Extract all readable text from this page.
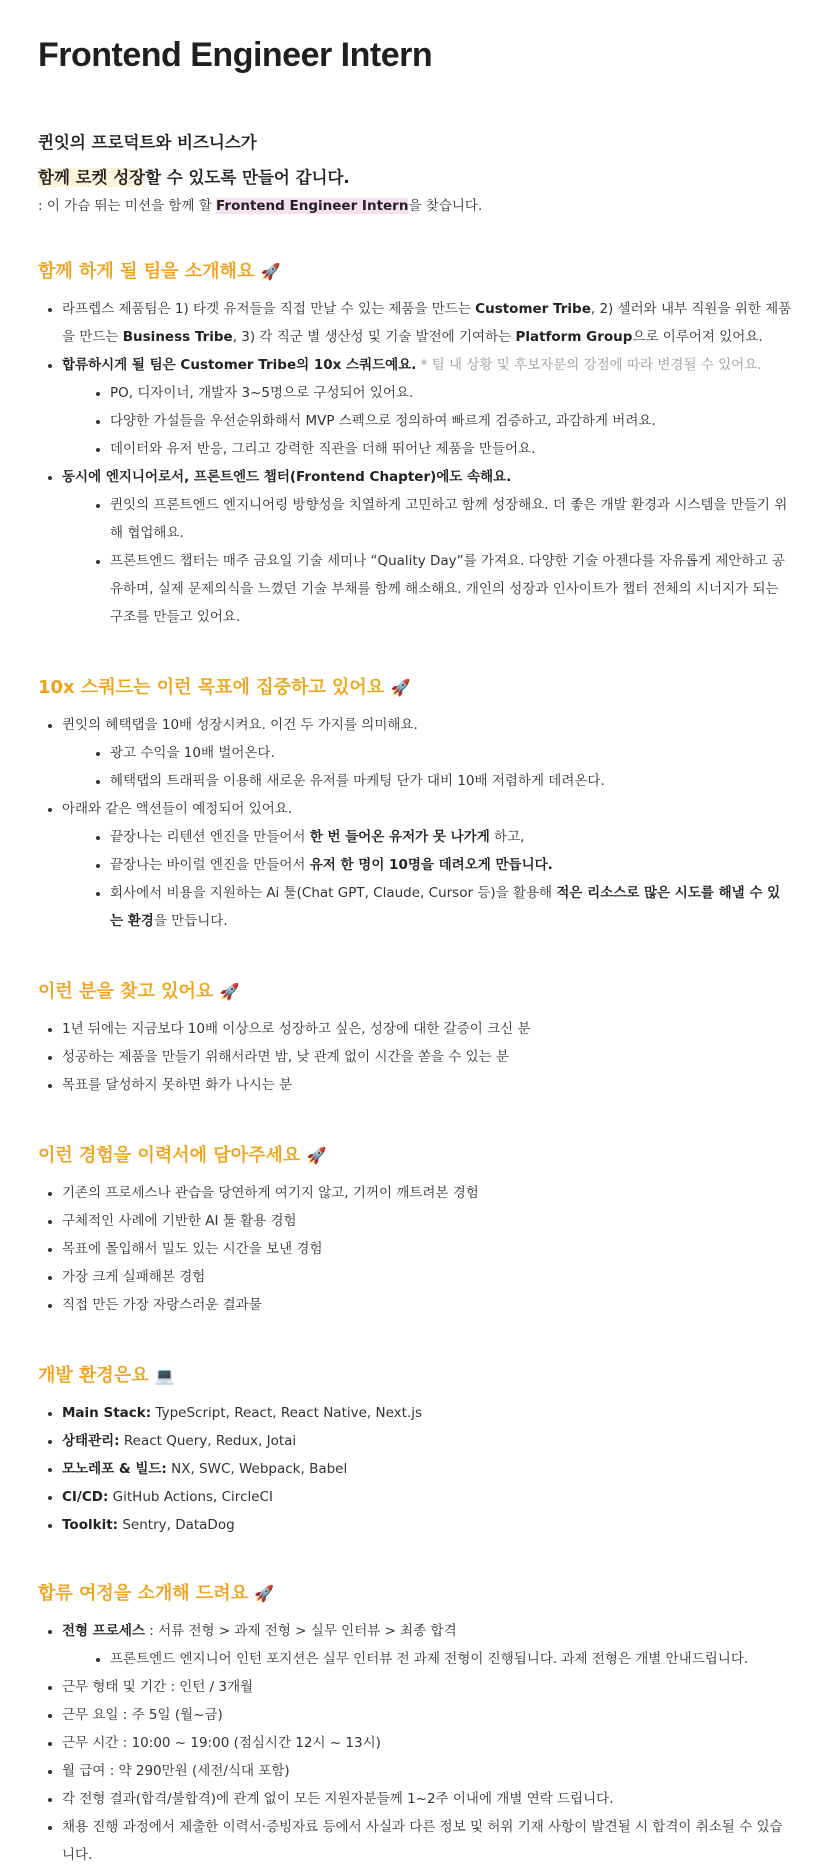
Frontend Engineer Intern
퀸잇의 프로덕트와 비즈니스가
함께 로켓 성장할 수 있도록 만들어 갑니다.
: 이 가슴 뛰는 미션을 함께 할 Frontend Engineer Intern을 찾습니다.
함께 하게 될 팀을 소개해요 🚀
라프렙스 제품팀은 1) 타겟 유저들을 직접 만날 수 있는 제품을 만드는 Customer Tribe, 2) 셀러와 내부 직원을 위한 제품을 만드는 Business Tribe, 3) 각 직군 별 생산성 및 기술 발전에 기여하는 Platform Group으로 이루어져 있어요.
합류하시게 될 팀은 Customer Tribe의 10x 스쿼드예요. * 팀 내 상황 및 후보자분의 강점에 따라 변경될 수 있어요.
PO, 디자이너, 개발자 3~5명으로 구성되어 있어요.
다양한 가설들을 우선순위화해서 MVP 스펙으로 정의하여 빠르게 검증하고, 과감하게 버려요.
데이터와 유저 반응, 그리고 강력한 직관을 더해 뛰어난 제품을 만들어요.
동시에 엔지니어로서, 프론트엔드 챕터(Frontend Chapter)에도 속해요.
퀸잇의 프론트엔드 엔지니어링 방향성을 치열하게 고민하고 함께 성장해요. 더 좋은 개발 환경과 시스템을 만들기 위해 협업해요.
프론트엔드 챕터는 매주 금요일 기술 세미나 “Quality Day”를 가져요. 다양한 기술 아젠다를 자유롭게 제안하고 공유하며, 실제 문제의식을 느꼈던 기술 부채를 함께 해소해요. 개인의 성장과 인사이트가 챕터 전체의 시너지가 되는 구조를 만들고 있어요.
10x 스쿼드는 이런 목표에 집중하고 있어요 🚀
퀸잇의 혜택탭을 10배 성장시켜요. 이건 두 가지를 의미해요.
광고 수익을 10배 벌어온다.
혜택탭의 트래픽을 이용해 새로운 유저를 마케팅 단가 대비 10배 저렴하게 데려온다.
아래와 같은 액션들이 예정되어 있어요.
끝장나는 리텐션 엔진을 만들어서 한 번 들어온 유저가 못 나가게 하고,
끝장나는 바이럴 엔진을 만들어서 유저 한 명이 10명을 데려오게 만듭니다.
회사에서 비용을 지원하는 Ai 툴(Chat GPT, Claude, Cursor 등)을 활용해 적은 리소스로 많은 시도를 해낼 수 있는 환경을 만듭니다.
이런 분을 찾고 있어요 🚀
1년 뒤에는 지금보다 10배 이상으로 성장하고 싶은, 성장에 대한 갈증이 크신 분
성공하는 제품을 만들기 위해서라면 밤, 낮 관계 없이 시간을 쏟을 수 있는 분
목표를 달성하지 못하면 화가 나시는 분
이런 경험을 이력서에 담아주세요 🚀
기존의 프로세스나 관습을 당연하게 여기지 않고, 기꺼이 깨트려본 경험
구체적인 사례에 기반한 AI 툴 활용 경험
목표에 몰입해서 밀도 있는 시간을 보낸 경험
가장 크게 실패해본 경험
직접 만든 가장 자랑스러운 결과물
개발 환경은요 💻
Main Stack: TypeScript, React, React Native, Next.js
상태관리: React Query, Redux, Jotai
모노레포 & 빌드: NX, SWC, Webpack, Babel
CI/CD: GitHub Actions, CircleCI
Toolkit: Sentry, DataDog
합류 여정을 소개해 드려요 🚀
전형 프로세스 : 서류 전형 > 과제 전형 > 실무 인터뷰 > 최종 합격
프론트엔드 엔지니어 인턴 포지션은 실무 인터뷰 전 과제 전형이 진행됩니다. 과제 전형은 개별 안내드립니다.
근무 형태 및 기간 : 인턴 / 3개월
근무 요일 : 주 5일 (월~금)
근무 시간 : 10:00 ~ 19:00 (점심시간 12시 ~ 13시)
월 급여 : 약 290만원 (세전/식대 포함)
각 전형 결과(합격/불합격)에 관계 없이 모든 지원자분들께 1~2주 이내에 개별 연락 드립니다.
채용 진행 과정에서 제출한 이력서·증빙자료 등에서 사실과 다른 정보 및 허위 기재 사항이 발견될 시 합격이 취소될 수 있습니다.
